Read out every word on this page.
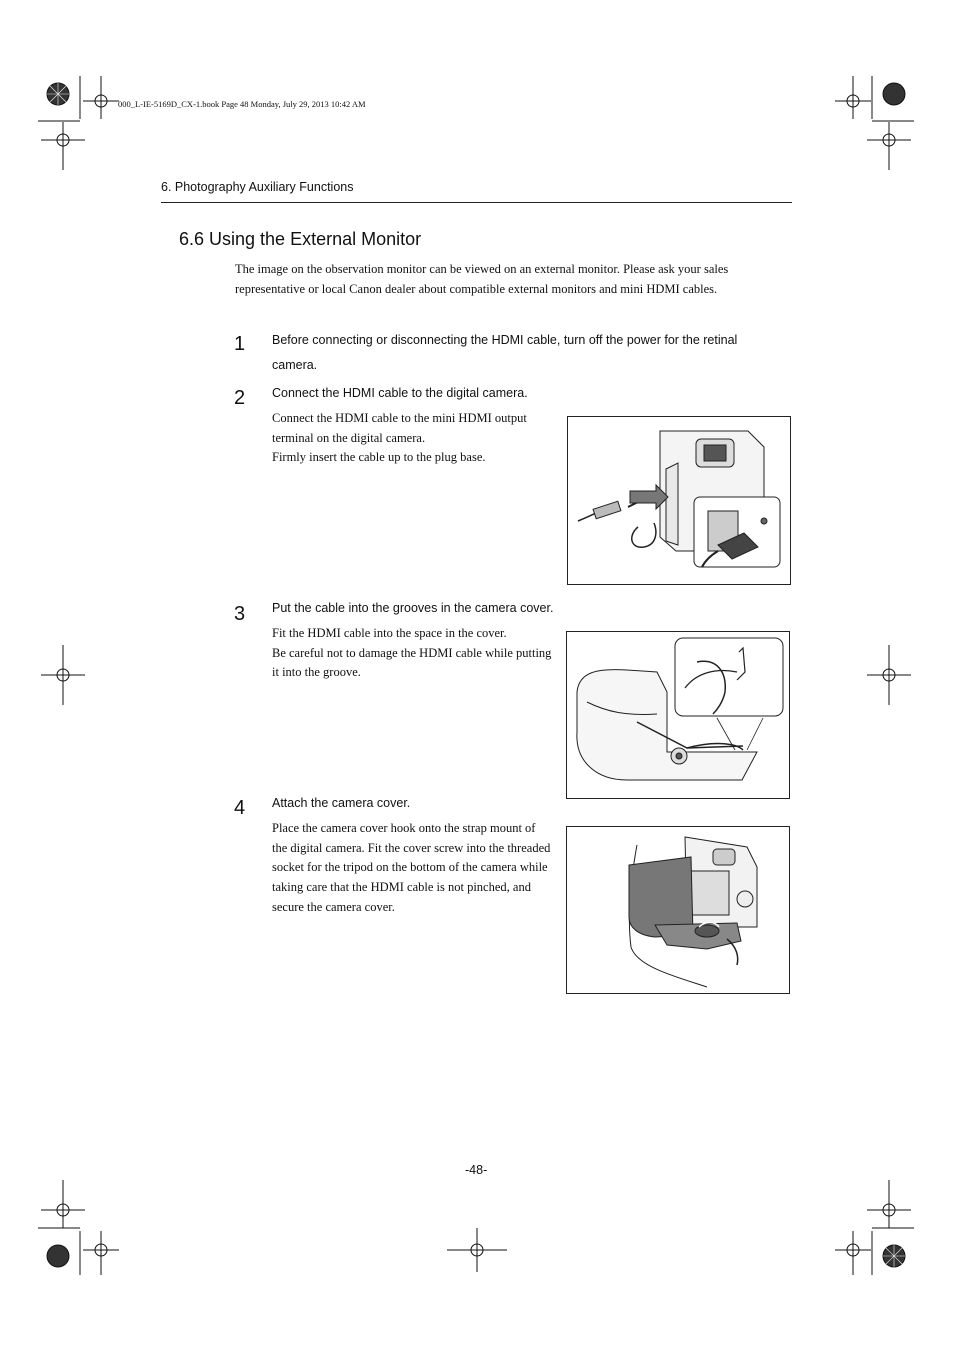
000_L-IE-5169D_CX-1.book Page 48 Monday, July 29, 2013 10:42 AM
6. Photography Auxiliary Functions
6.6 Using the External Monitor
The image on the observation monitor can be viewed on an external monitor. Please ask your sales representative or local Canon dealer about compatible external monitors and mini HDMI cables.
1 Before connecting or disconnecting the HDMI cable, turn off the power for the retinal camera.
2 Connect the HDMI cable to the digital camera.
Connect the HDMI cable to the mini HDMI output
terminal on the digital camera.
Firmly insert the cable up to the plug base.
3 Put the cable into the grooves in the camera cover.
Fit the HDMI cable into the space in the cover.
Be careful not to damage the HDMI cable while putting
it into the groove.
4 Attach the camera cover.
Place the camera cover hook onto the strap mount of
the digital camera. Fit the cover screw into the threaded
socket for the tripod on the bottom of the camera while
taking care that the HDMI cable is not pinched, and
secure the camera cover.
-48-
